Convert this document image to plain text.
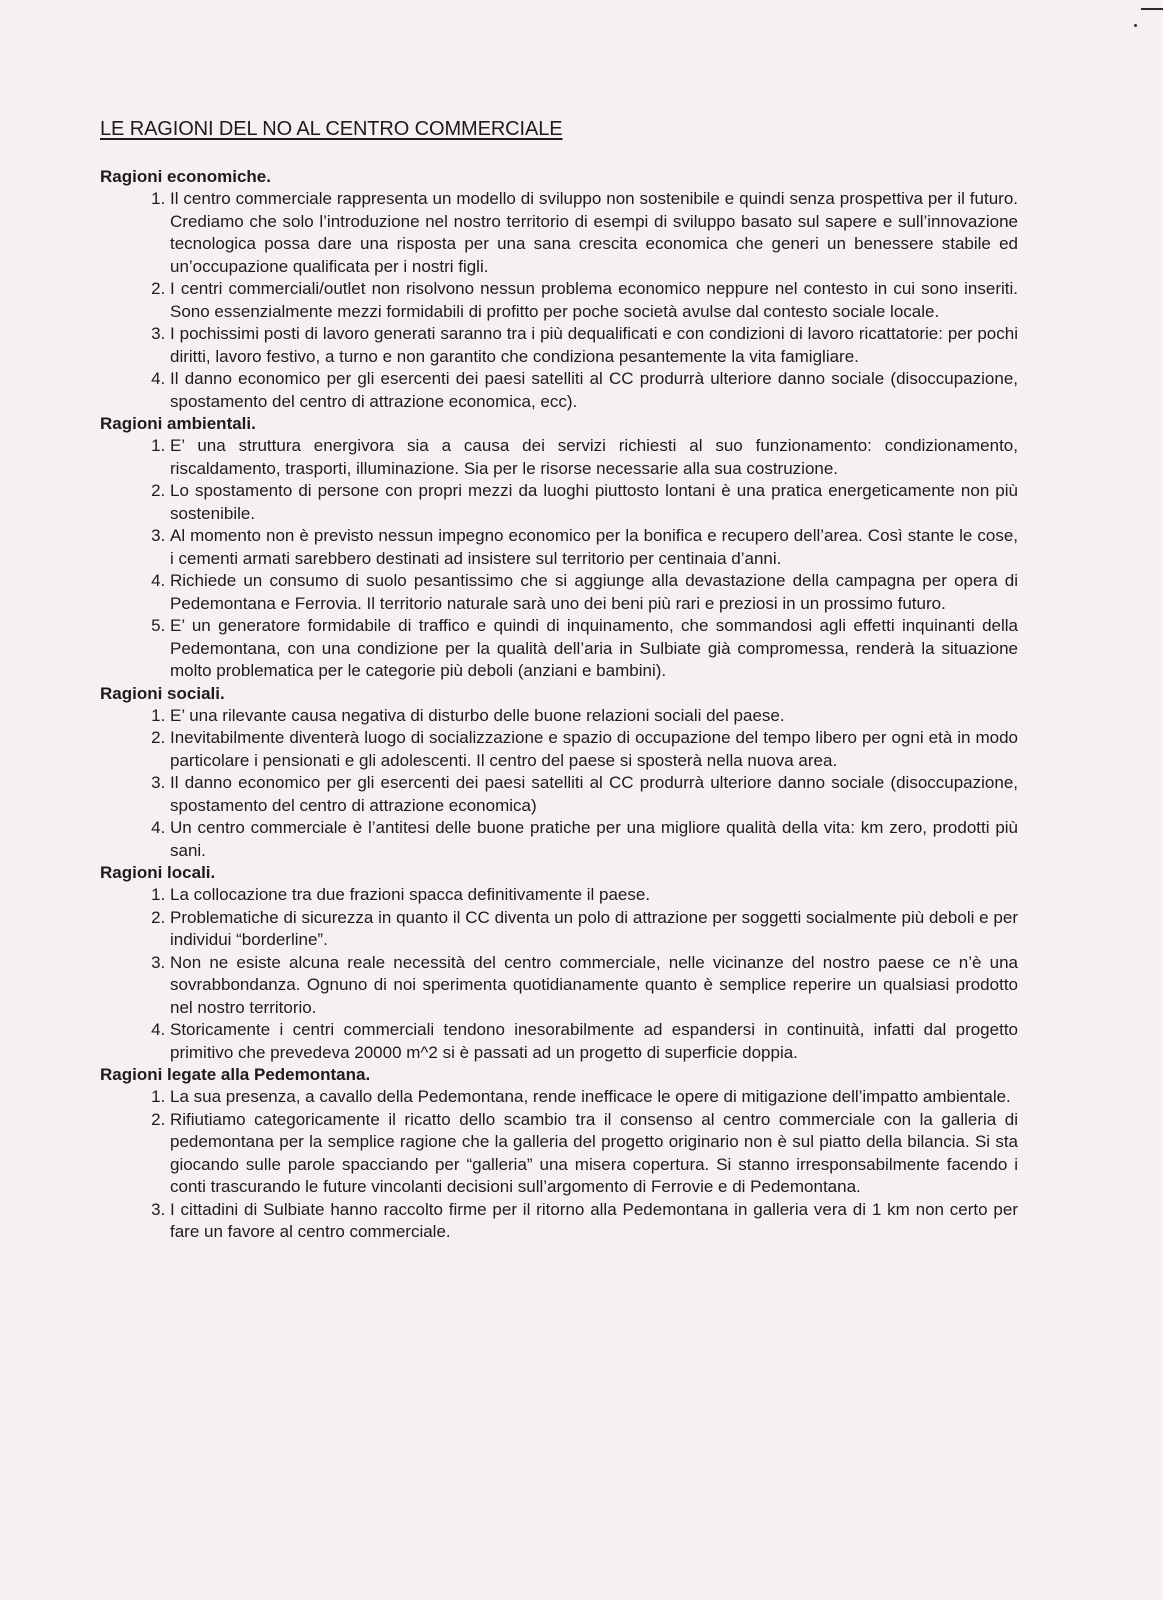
LE RAGIONI DEL NO AL CENTRO COMMERCIALE
Ragioni economiche.
1. Il centro commerciale rappresenta un modello di sviluppo non sostenibile e quindi senza prospettiva per il futuro. Crediamo che solo l’introduzione nel nostro territorio di esempi di sviluppo basato sul sapere e sull’innovazione tecnologica possa dare una risposta per una sana crescita economica che generi un benessere stabile ed un’occupazione qualificata per i nostri figli.
2. I centri commerciali/outlet non risolvono nessun problema economico neppure nel contesto in cui sono inseriti. Sono essenzialmente mezzi formidabili di profitto per poche società avulse dal contesto sociale locale.
3. I pochissimi posti di lavoro generati saranno tra i più dequalificati e con condizioni di lavoro ricattatorie: per pochi diritti, lavoro festivo, a turno e non garantito che condiziona pesantemente la vita famigliare.
4. Il danno economico per gli esercenti dei paesi satelliti al CC produrrà ulteriore danno sociale (disoccupazione, spostamento del centro di attrazione economica, ecc).
Ragioni ambientali.
1. E’ una struttura energivora sia a causa dei servizi richiesti al suo funzionamento: condizionamento, riscaldamento, trasporti, illuminazione. Sia per le risorse necessarie alla sua costruzione.
2. Lo spostamento di persone con propri mezzi da luoghi piuttosto lontani è una pratica energeticamente non più sostenibile.
3. Al momento non è previsto nessun impegno economico per la bonifica e recupero dell’area. Così stante le cose, i cementi armati sarebbero destinati ad insistere sul territorio per centinaia d’anni.
4. Richiede un consumo di suolo pesantissimo che si aggiunge alla devastazione della campagna per opera di Pedemontana e Ferrovia. Il territorio naturale sarà uno dei beni più rari e preziosi in un prossimo futuro.
5. E’ un generatore formidabile di traffico e quindi di inquinamento, che sommandosi agli effetti inquinanti della Pedemontana, con una condizione per la qualità dell’aria in Sulbiate già compromessa, renderà la situazione molto problematica per le categorie più deboli (anziani e bambini).
Ragioni sociali.
1. E’ una rilevante causa negativa di disturbo delle buone relazioni sociali del paese.
2. Inevitabilmente diventerà luogo di socializzazione e spazio di occupazione del tempo libero per ogni età in modo particolare i pensionati e gli adolescenti. Il centro del paese si sposterà nella nuova area.
3. Il danno economico per gli esercenti dei paesi satelliti al CC produrrà ulteriore danno sociale (disoccupazione, spostamento del centro di attrazione economica)
4. Un centro commerciale è l’antitesi delle buone pratiche per una migliore qualità della vita: km zero, prodotti più sani.
Ragioni locali.
1. La collocazione tra due frazioni spacca definitivamente il paese.
2. Problematiche di sicurezza in quanto il CC diventa un polo di attrazione per soggetti socialmente più deboli e per individui “borderline”.
3. Non ne esiste alcuna reale necessità del centro commerciale, nelle vicinanze del nostro paese ce n’è una sovrabbondanza. Ognuno di noi sperimenta quotidianamente quanto è semplice reperire un qualsiasi prodotto nel nostro territorio.
4. Storicamente i centri commerciali tendono inesorabilmente ad espandersi in continuità, infatti dal progetto primitivo che prevedeva 20000 m^2 si è passati ad un progetto di superficie doppia.
Ragioni legate alla Pedemontana.
1. La sua presenza, a cavallo della Pedemontana, rende inefficace le opere di mitigazione dell’impatto ambientale.
2. Rifiutiamo categoricamente il ricatto dello scambio tra il consenso al centro commerciale con la galleria di pedemontana per la semplice ragione che la galleria del progetto originario non è sul piatto della bilancia. Si sta giocando sulle parole spacciando per “galleria” una misera copertura. Si stanno irresponsabilmente facendo i conti trascurando le future vincolanti decisioni sull’argomento di Ferrovie e di Pedemontana.
3. I cittadini di Sulbiate hanno raccolto firme per il ritorno alla Pedemontana in galleria vera di 1 km non certo per fare un favore al centro commerciale.
